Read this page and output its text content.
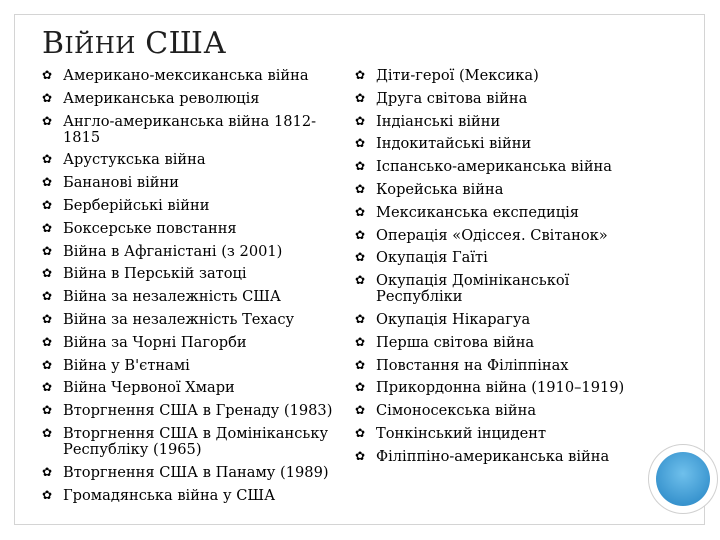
ВІЙНИ США
✿ Американо-мексиканська війна
✿ Американська революція
✿ Англо-американська війна 1812-1815
✿ Арустукська війна
✿ Бананові війни
✿ Берберійські війни
✿ Боксерське повстання
✿ Війна в Афганістані (з 2001)
✿ Війна в Перській затоці
✿ Війна за незалежність США
✿ Війна за незалежність Техасу
✿ Війна за Чорні Пагорби
✿ Війна у В'єтнамі
✿ Війна Червоної Хмари
✿ Вторгнення США в Гренаду (1983)
✿ Вторгнення США в Домініканську Республіку (1965)
✿ Вторгнення США в Панаму (1989)
✿ Громадянська війна у США
✿ Діти-герої (Мексика)
✿ Друга світова війна
✿ Індіанські війни
✿ Індокитайські війни
✿ Іспансько-американська війна
✿ Корейська війна
✿ Мексиканська експедиція
✿ Операція «Одіссея. Світанок»
✿ Окупація Гаїті
✿ Окупація Домініканської Республіки
✿ Окупація Нікарагуа
✿ Перша світова війна
✿ Повстання на Філіппінах
✿ Прикордонна війна (1910–1919)
✿ Сімоносекська війна
✿ Тонкінський інцидент
✿ Філіппіно-американська війна
